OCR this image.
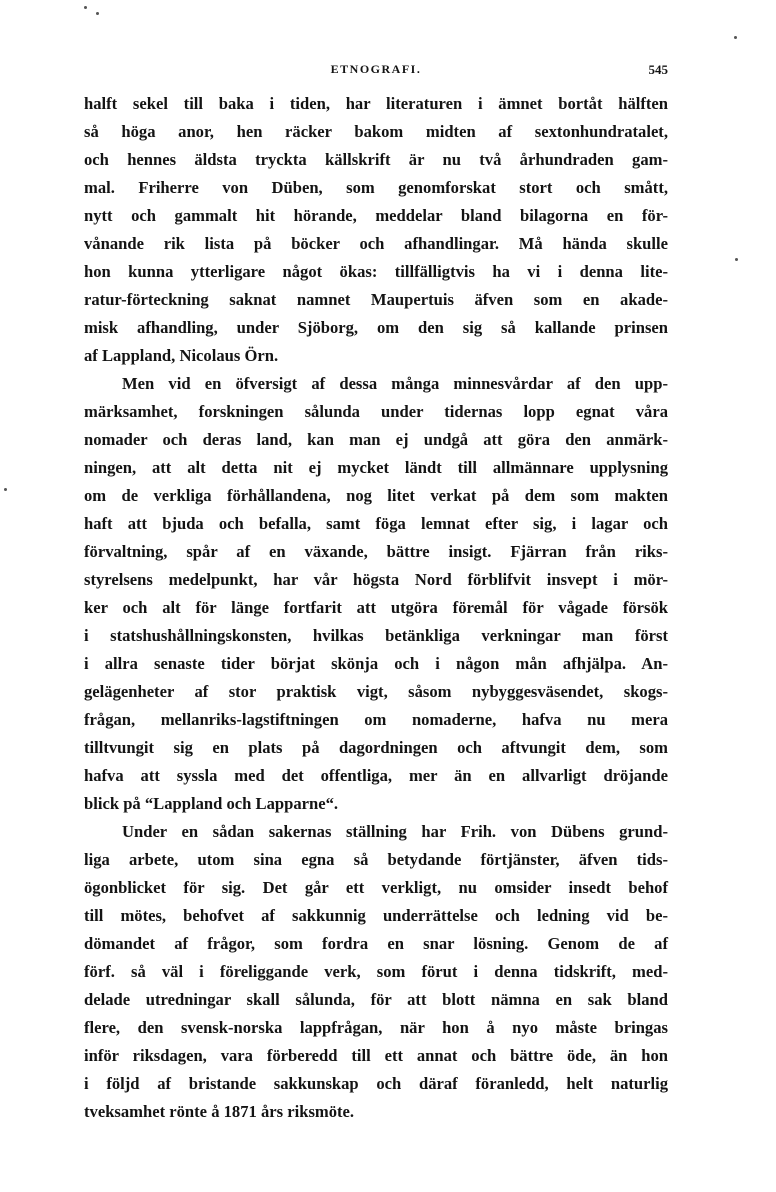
ETNOGRAFI.	545
halft sekel till baka i tiden, har literaturen i ämnet bortåt hälften
så höga anor, hen räcker bakom midten af sextonhundratalet,
och hennes äldsta tryckta källskrift är nu två århundraden gam-
mal. Friherre von Düben, som genomforskat stort och smått,
nytt och gammalt hit hörande, meddelar bland bilagorna en för-
vånande rik lista på böcker och afhandlingar. Må hända skulle
hon kunna ytterligare något ökas: tillfälligtvis ha vi i denna lite-
ratur-förteckning saknat namnet Maupertuis äfven som en akade-
misk afhandling, under Sjöborg, om den sig så kallande prinsen
af Lappland, Nicolaus Örn.
Men vid en öfversigt af dessa många minnesvårdar af den upp-
märksamhet, forskningen sålunda under tidernas lopp egnat våra
nomader och deras land, kan man ej undgå att göra den anmärk-
ningen, att alt detta nit ej mycket ländt till allmännare upplysning
om de verkliga förhållandena, nog litet verkat på dem som makten
haft att bjuda och befalla, samt föga lemnat efter sig, i lagar och
förvaltning, spår af en växande, bättre insigt. Fjärran från riks-
styrelsens medelpunkt, har vår högsta Nord förblifvit insvept i mör-
ker och alt för länge fortfarit att utgöra föremål för vågade försök
i statshushållningskonsten, hvilkas betänkliga verkningar man först
i allra senaste tider börjat skönja och i någon mån afhjälpa. An-
gelägenheter af stor praktisk vigt, såsom nybyggesväsendet, skogs-
frågan, mellanriks-lagstiftningen om nomaderne, hafva nu mera
tilltvungit sig en plats på dagordningen och aftvungit dem, som
hafva att syssla med det offentliga, mer än en allvarligt dröjande
blick på “Lappland och Lapparne“.
Under en sådan sakernas ställning har Frih. von Dübens grund-
liga arbete, utom sina egna så betydande förtjänster, äfven tids-
ögonblicket för sig. Det går ett verkligt, nu omsider insedt behof
till mötes, behofvet af sakkunnig underrättelse och ledning vid be-
dömandet af frågor, som fordra en snar lösning. Genom de af
förf. så väl i föreliggande verk, som förut i denna tidskrift, med-
delade utredningar skall sålunda, för att blott nämna en sak bland
flere, den svensk-norska lappfrågan, när hon å nyo måste bringas
inför riksdagen, vara förberedd till ett annat och bättre öde, än hon
i följd af bristande sakkunskap och däraf föranledd, helt naturlig
tveksamhet rönte å 1871 års riksmöte.
